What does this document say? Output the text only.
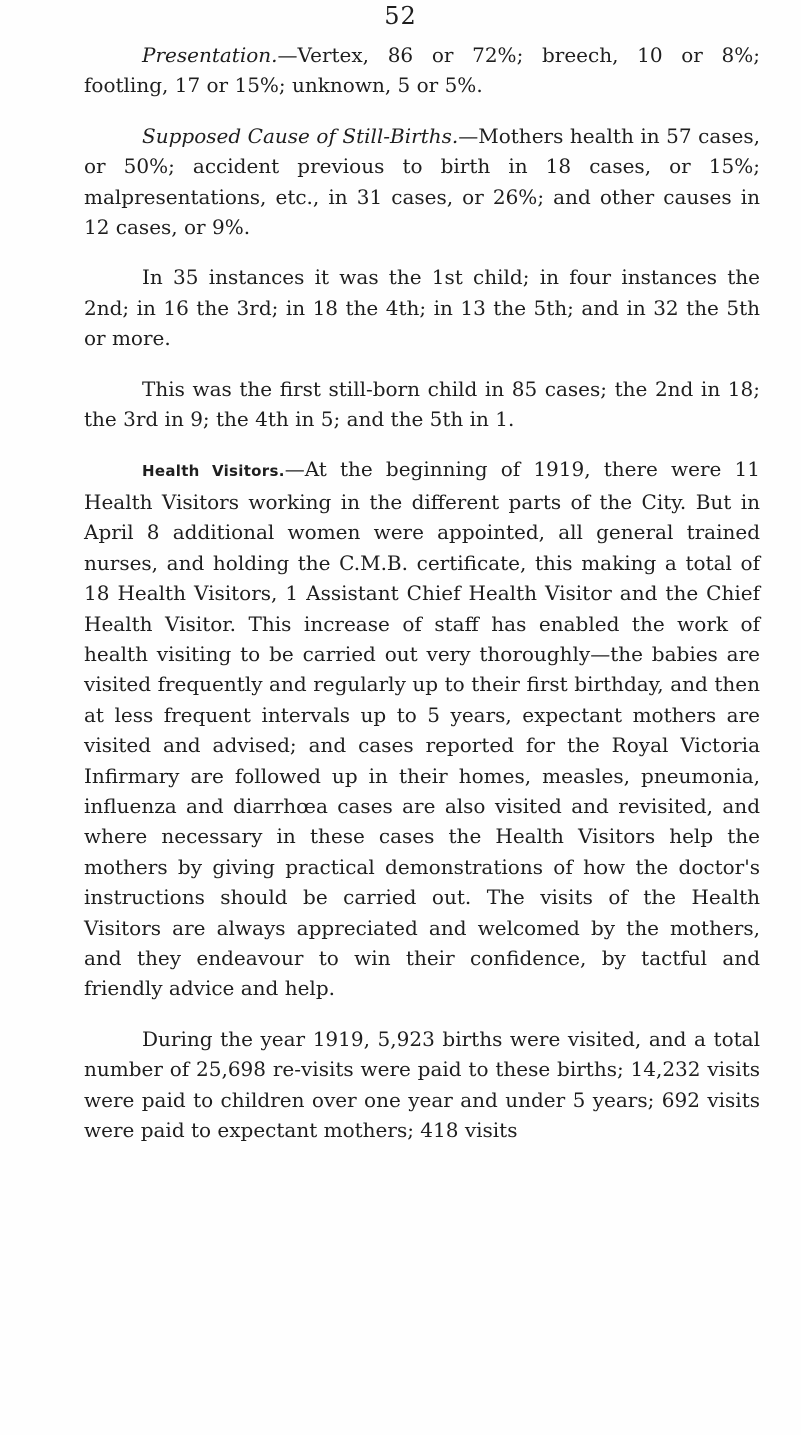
52

Presentation.—Vertex, 86 or 72%; breech, 10 or 8%; footling, 17 or 15%; unknown, 5 or 5%.

Supposed Cause of Still-Births.—Mothers health in 57 cases, or 50%; accident previous to birth in 18 cases, or 15%; malpresentations, etc., in 31 cases, or 26%; and other causes in 12 cases, or 9%.

In 35 instances it was the 1st child; in four instances the 2nd; in 16 the 3rd; in 18 the 4th; in 13 the 5th; and in 32 the 5th or more.

This was the first still-born child in 85 cases; the 2nd in 18; the 3rd in 9; the 4th in 5; and the 5th in 1.

Health Visitors.—At the beginning of 1919, there were 11 Health Visitors working in the different parts of the City. But in April 8 additional women were appointed, all general trained nurses, and holding the C.M.B. certificate, this making a total of 18 Health Visitors, 1 Assistant Chief Health Visitor and the Chief Health Visitor. This increase of staff has enabled the work of health visiting to be carried out very thoroughly—the babies are visited frequently and regularly up to their first birthday, and then at less frequent intervals up to 5 years, expectant mothers are visited and advised; and cases reported for the Royal Victoria Infirmary are followed up in their homes, measles, pneumonia, influenza and diarrhœa cases are also visited and revisited, and where necessary in these cases the Health Visitors help the mothers by giving practical demonstrations of how the doctor's instructions should be carried out. The visits of the Health Visitors are always appreciated and welcomed by the mothers, and they endeavour to win their confidence, by tactful and friendly advice and help.

During the year 1919, 5,923 births were visited, and a total number of 25,698 re-visits were paid to these births; 14,232 visits were paid to children over one year and under 5 years; 692 visits were paid to expectant mothers; 418 visits
